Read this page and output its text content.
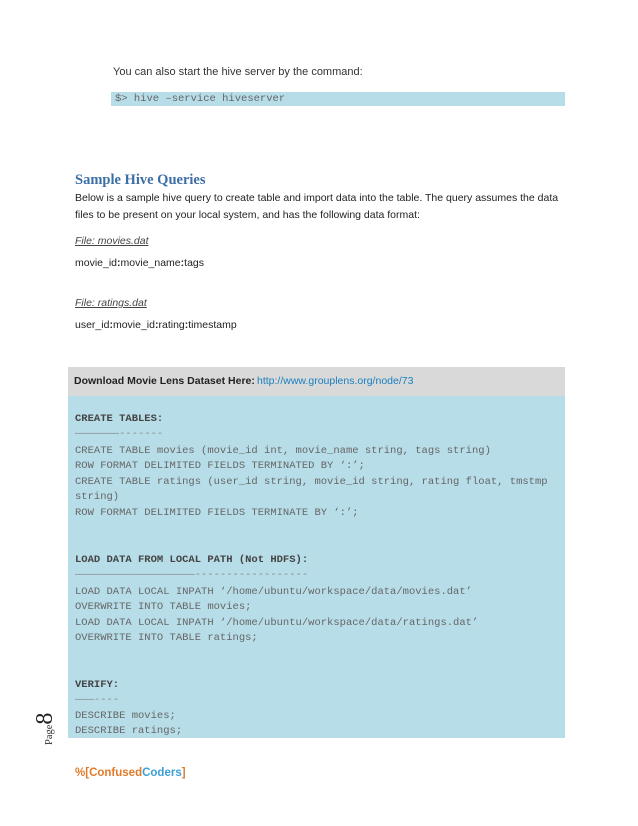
You can also start the hive server by the command:
$> hive –service hiveserver
Sample Hive Queries
Below is a sample hive query to create table and import data into the table. The query assumes the data
files to be present on your local system, and has the following data format:
File: movies.dat
movie_id:movie_name:tags
File: ratings.dat
user_id:movie_id:rating:timestamp
Download Movie Lens Dataset Here: http://www.grouplens.org/node/73
CREATE TABLES:
———————-------
CREATE TABLE movies (movie_id int, movie_name string, tags string)
ROW FORMAT DELIMITED FIELDS TERMINATED BY ‘:’;
CREATE TABLE ratings (user_id string, movie_id string, rating float, tmstmp
string)
ROW FORMAT DELIMITED FIELDS TERMINATE BY ‘:’;
LOAD DATA FROM LOCAL PATH (Not HDFS):
———————————————————------------------
LOAD DATA LOCAL INPATH ‘/home/ubuntu/workspace/data/movies.dat’
OVERWRITE INTO TABLE movies;
LOAD DATA LOCAL INPATH ‘/home/ubuntu/workspace/data/ratings.dat’
OVERWRITE INTO TABLE ratings;
VERIFY:
———----
DESCRIBE movies;
DESCRIBE ratings;
Page8
%[ConfusedCoders]
